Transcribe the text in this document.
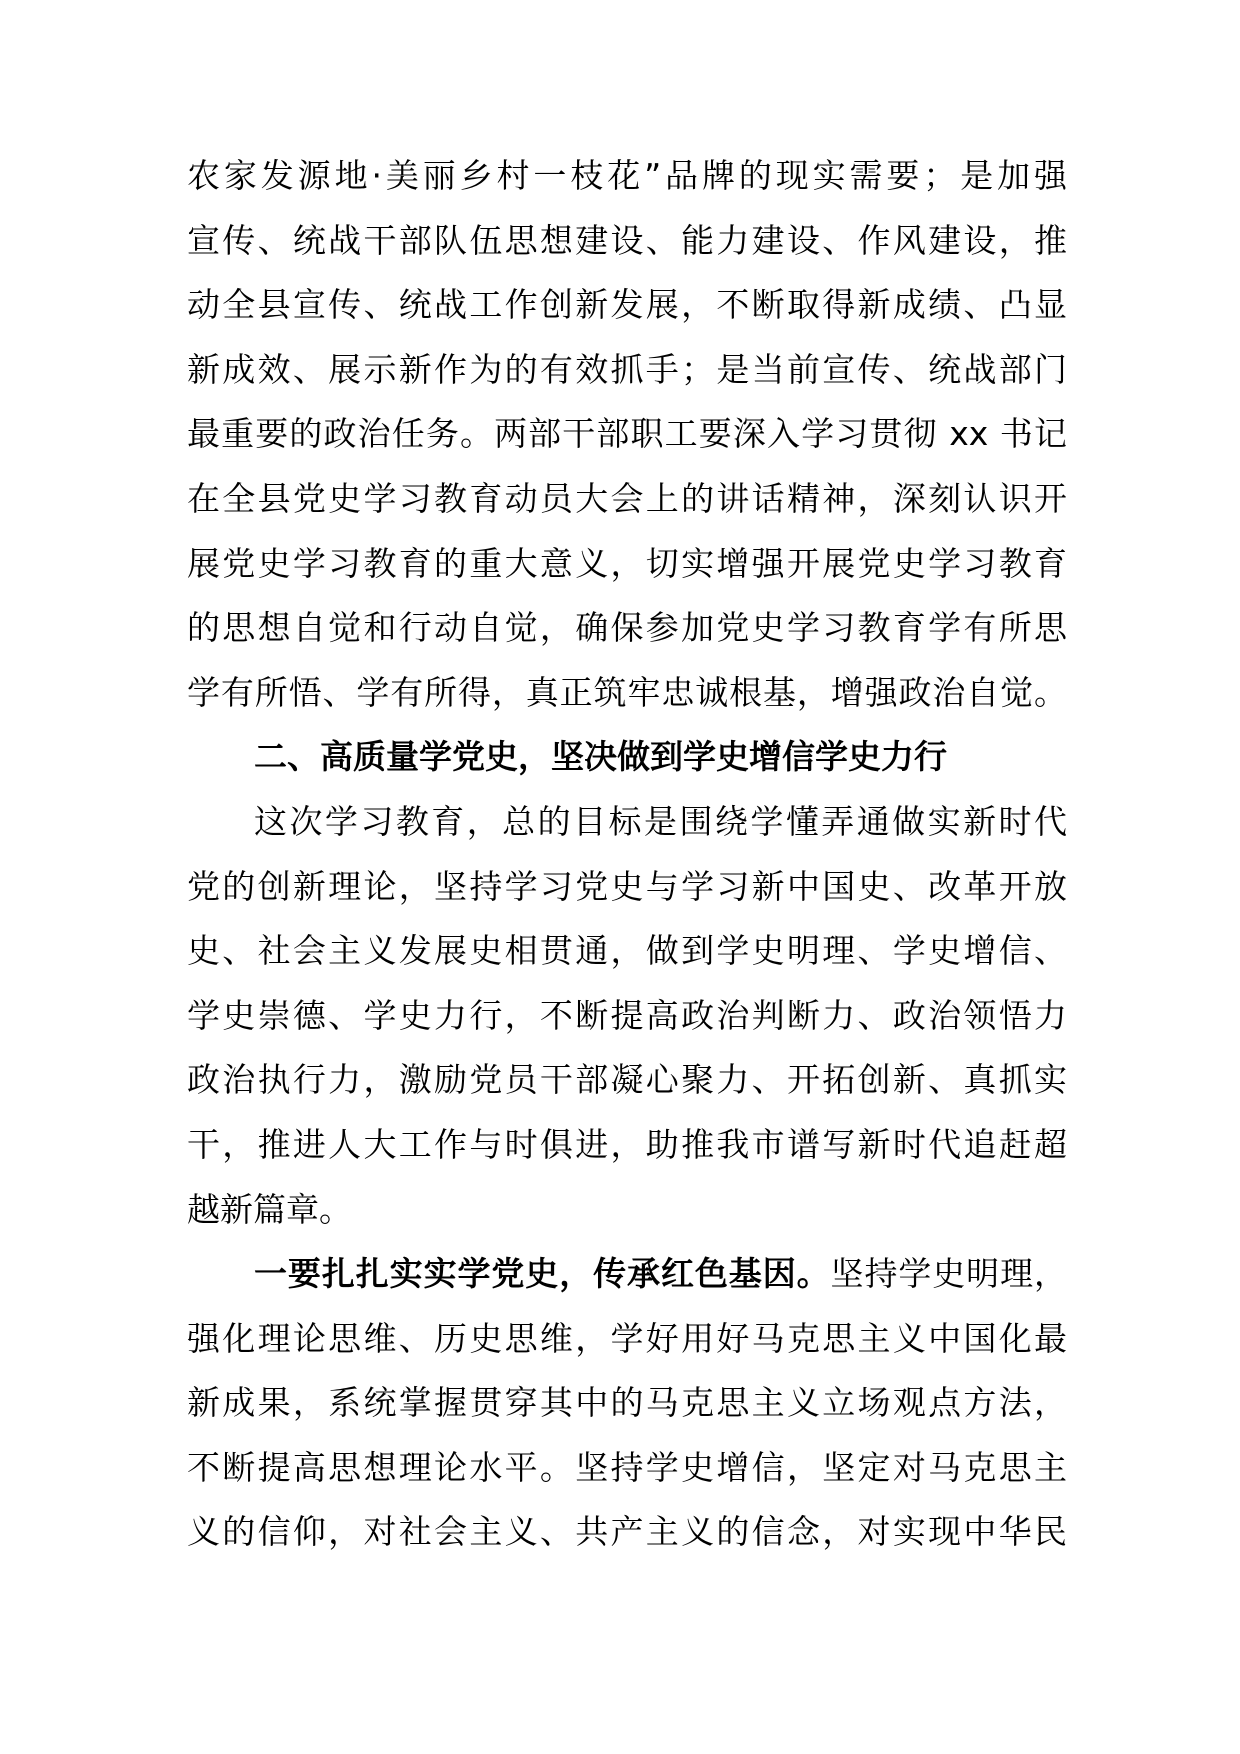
农家发源地·美丽乡村一枝花”品牌的现实需要；是加强
宣传、统战干部队伍思想建设、能力建设、作风建设，推
动全县宣传、统战工作创新发展，不断取得新成绩、凸显
新成效、展示新作为的有效抓手；是当前宣传、统战部门
最重要的政治任务。两部干部职工要深入学习贯彻 xx 书记
在全县党史学习教育动员大会上的讲话精神，深刻认识开
展党史学习教育的重大意义，切实增强开展党史学习教育
的思想自觉和行动自觉，确保参加党史学习教育学有所思
学有所悟、学有所得，真正筑牢忠诚根基，增强政治自觉。
二、高质量学党史，坚决做到学史增信学史力行
这次学习教育，总的目标是围绕学懂弄通做实新时代
党的创新理论，坚持学习党史与学习新中国史、改革开放
史、社会主义发展史相贯通，做到学史明理、学史增信、
学史崇德、学史力行，不断提高政治判断力、政治领悟力
政治执行力，激励党员干部凝心聚力、开拓创新、真抓实
干，推进人大工作与时俱进，助推我市谱写新时代追赶超
越新篇章。
一要扎扎实实学党史，传承红色基因。坚持学史明理，
强化理论思维、历史思维，学好用好马克思主义中国化最
新成果，系统掌握贯穿其中的马克思主义立场观点方法，
不断提高思想理论水平。坚持学史增信，坚定对马克思主
义的信仰，对社会主义、共产主义的信念，对实现中华民
